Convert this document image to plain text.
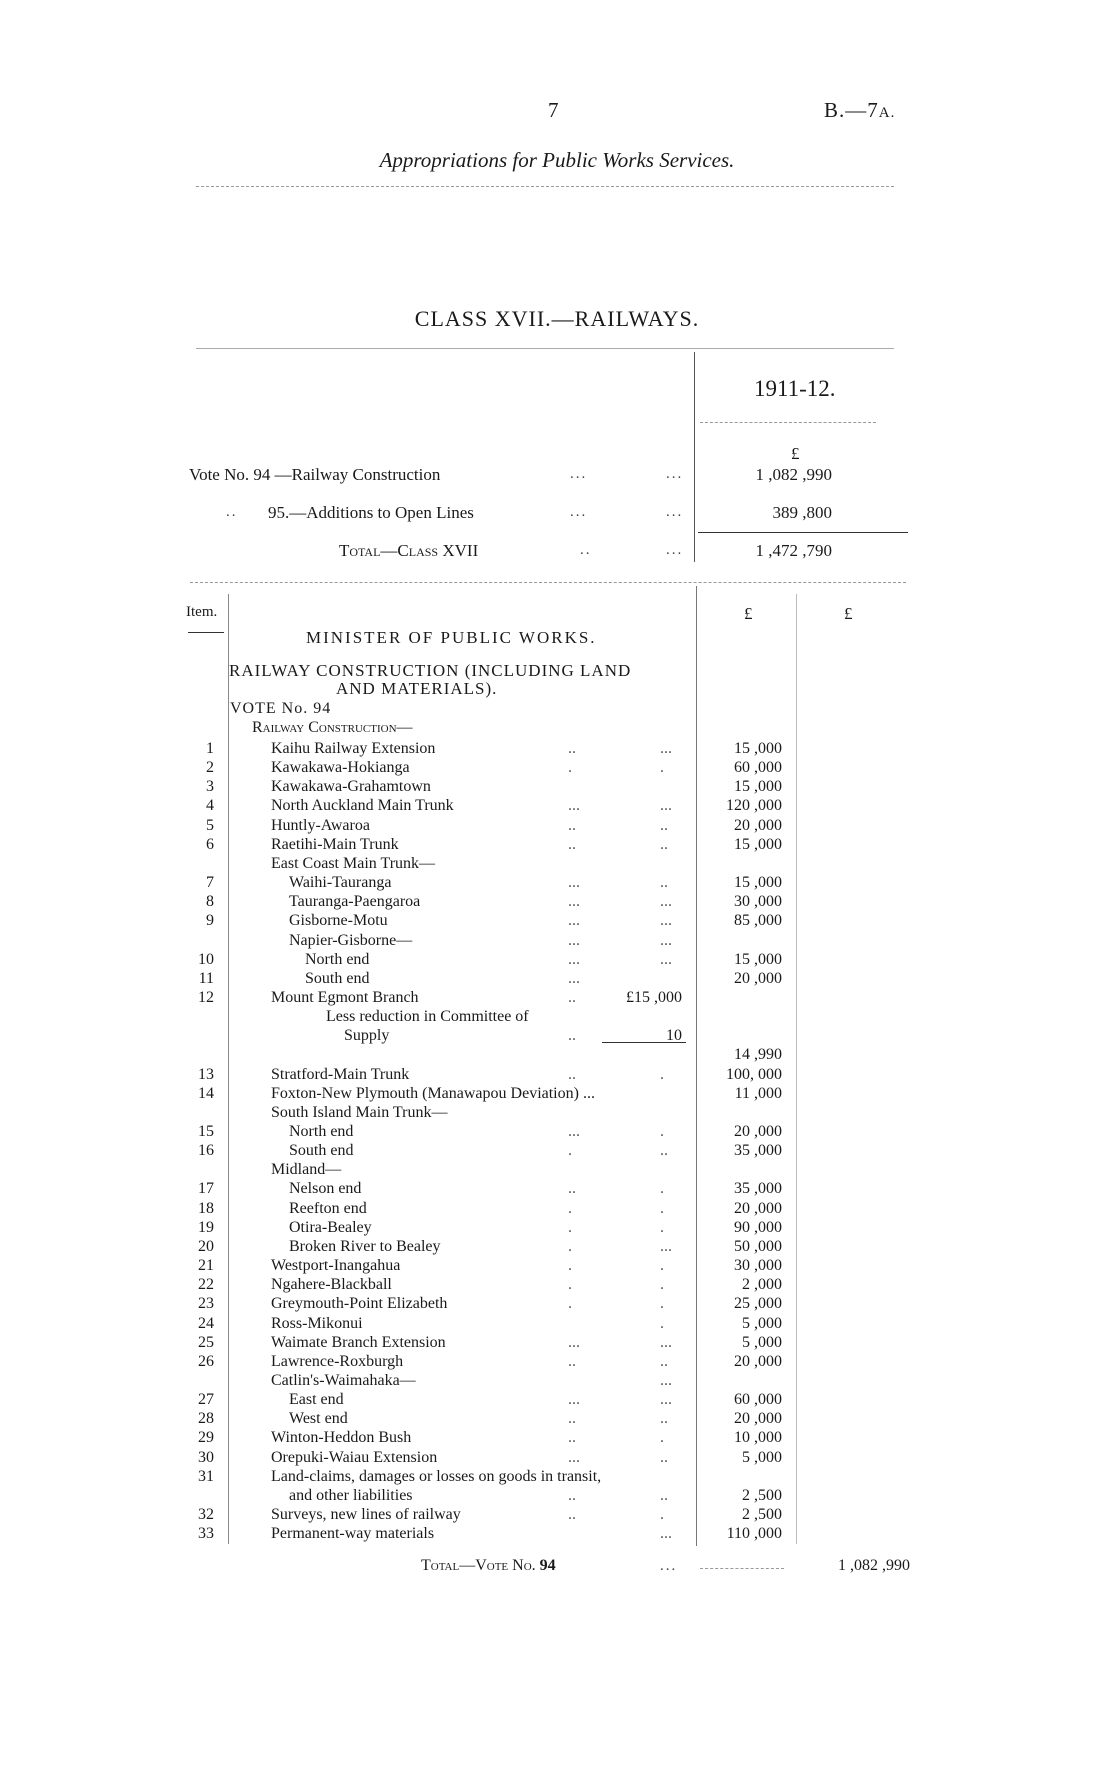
7	B.—7A.
Appropriations for Public Works Services.
CLASS XVII.—RAILWAYS.
1911-12.
£
Vote No. 94 —Railway Construction	...	...	1 ,082 ,990
.. 95.—Additions to Open Lines	...	...	389 ,800
Total—Class XVII	..	...	1 ,472 ,790
Item.	£	£
MINISTER OF PUBLIC WORKS.
RAILWAY CONSTRUCTION (INCLUDING LAND
AND MATERIALS).
VOTE No. 94
Railway Construction—
1	Kaihu Railway Extension	..	...	15 ,000
2	Kawakawa-Hokianga	.	.	60 ,000
3	Kawakawa-Grahamtown	15 ,000
4	North Auckland Main Trunk	...	...	120 ,000
5	Huntly-Awaroa	..	..	20 ,000
6	Raetihi-Main Trunk	..	..	15 ,000
East Coast Main Trunk—
7	Waihi-Tauranga	...	..	15 ,000
8	Tauranga-Paengaroa	...	...	30 ,000
9	Gisborne-Motu	...	...	85 ,000
Napier-Gisborne—	...	...
10	North end	...	...	15 ,000
11	South end	...	20 ,000
12	Mount Egmont Branch	..	£15 ,000
Less reduction in Committee of
Supply	..	10
14 ,990
13	Stratford-Main Trunk	..	.	100, 000
14	Foxton-New Plymouth (Manawapou Deviation) ...	11 ,000
South Island Main Trunk—
15	North end	...	.	20 ,000
16	South end	.	..	35 ,000
Midland—
17	Nelson end	..	.	35 ,000
18	Reefton end	.	.	20 ,000
19	Otira-Bealey	.	.	90 ,000
20	Broken River to Bealey	.	...	50 ,000
21	Westport-Inangahua	.	.	30 ,000
22	Ngahere-Blackball	.	.	2 ,000
23	Greymouth-Point Elizabeth	.	.	25 ,000
24	Ross-Mikonui	.	5 ,000
25	Waimate Branch Extension	...	...	5 ,000
26	Lawrence-Roxburgh	..	..	20 ,000
Catlin's-Waimahaka—	...
27	East end	...	...	60 ,000
28	West end	..	..	20 ,000
29	Winton-Heddon Bush	..	.	10 ,000
30	Orepuki-Waiau Extension	...	..	5 ,000
31	Land-claims, damages or losses on goods in transit,
and other liabilities	..	..	2 ,500
32	Surveys, new lines of railway	..	.	2 ,500
33	Permanent-way materials	...	110 ,000
Total—Vote No. 94	...	1 ,082 ,990
